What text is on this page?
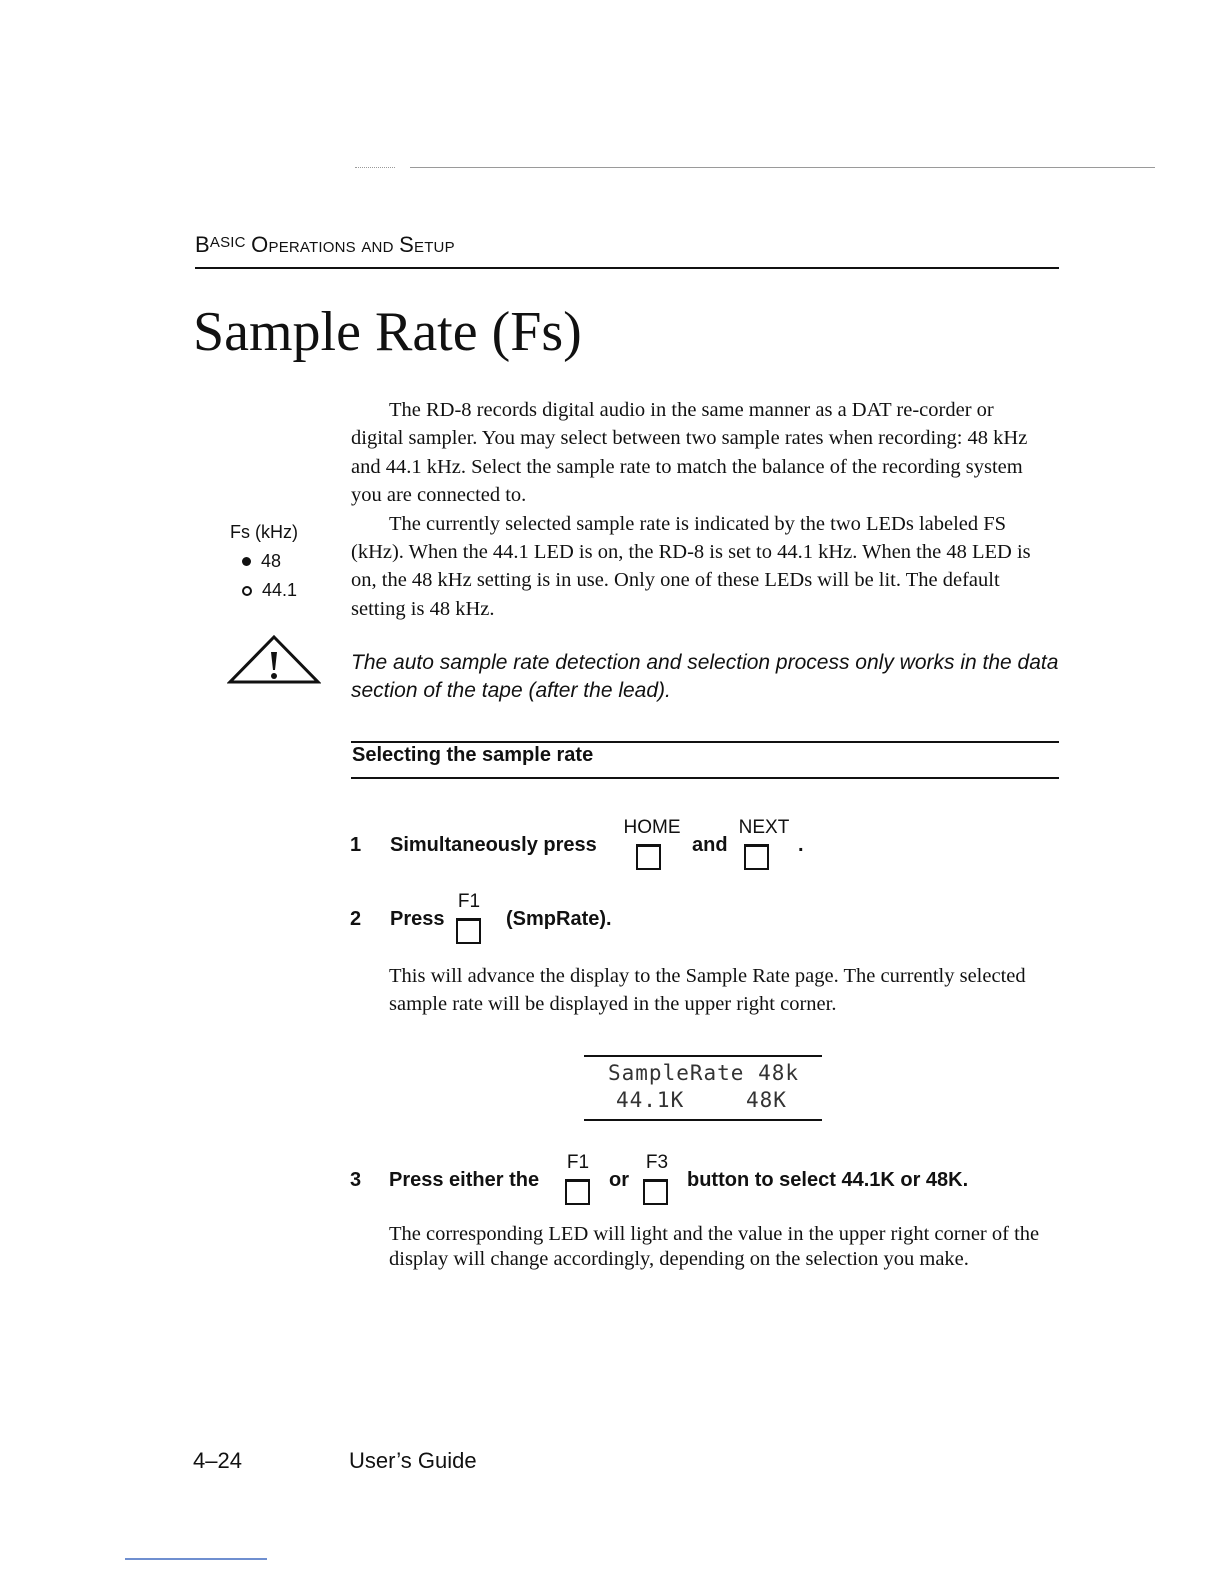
$B^{ASIC}$ OPERATIONS AND SETUP
Sample Rate (Fs)

The RD-8 records digital audio in the same manner as a DAT re-corder or digital sampler. You may select between two sample rates when recording: 48 kHz and 44.1 kHz. Select the sample rate to match the balance of the recording system you are connected to.

The currently selected sample rate is indicated by the two LEDs labeled FS (kHz). When the 44.1 LED is on, the RD-8 is set to 44.1 kHz. When the 48 LED is on, the 48 kHz setting is in use. Only one of these LEDs will be lit. The default setting is 48 kHz.

Fs (kHz)
48
44.1
The auto sample rate detection and selection process only works in the data section of the tape (after the lead).
Selecting the sample rate
1 Simultaneously press
HOME
and
NEXT
.
2 Press
F1
(SmpRate).
This will advance the display to the Sample Rate page. The currently selected sample rate will be displayed in the upper right corner.
SampleRate 48k
44.1K	48K
3 Press either the
F1
or
F3
button to select 44.1K or 48K.
The corresponding LED will light and the value in the upper right corner of the display will change accordingly, depending on the selection you make.
4–24	User’s Guide
